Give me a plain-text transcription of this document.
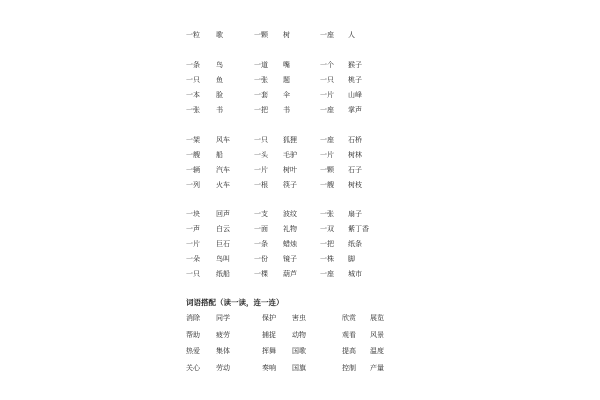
一粒 歌	一颗 树	一座 人
一条 鸟	一道 嘴	一个 猴子
一只 鱼	一张 题	一只 桃子
一本 脸	一套 伞	一片 山峰
一张 书	一把 书	一座 掌声
一架 风车	一只 狐狸	一座 石桥
一艘 船	一头 毛驴	一片 树林
一辆 汽车	一片 树叶	一颗 石子
一列 火车	一根 筷子	一艘 树枝
一块 回声	一支 波纹	一张 扇子
一声 白云	一面 礼物	一双 紫丁香
一片 巨石	一条 蜡烛	一把 纸条
一朵 鸟叫	一份 镜子	一株 脚
一只 纸船	一棵 葫芦	一座 城市
词语搭配（读一读，连一连）
消除 同学	保护 害虫	欣赏 展览
帮助 疲劳	捕捉 动物	观看 风景
热爱 集体	挥舞 国歌	提高 温度
关心 劳动	奏响 国旗	控制 产量
